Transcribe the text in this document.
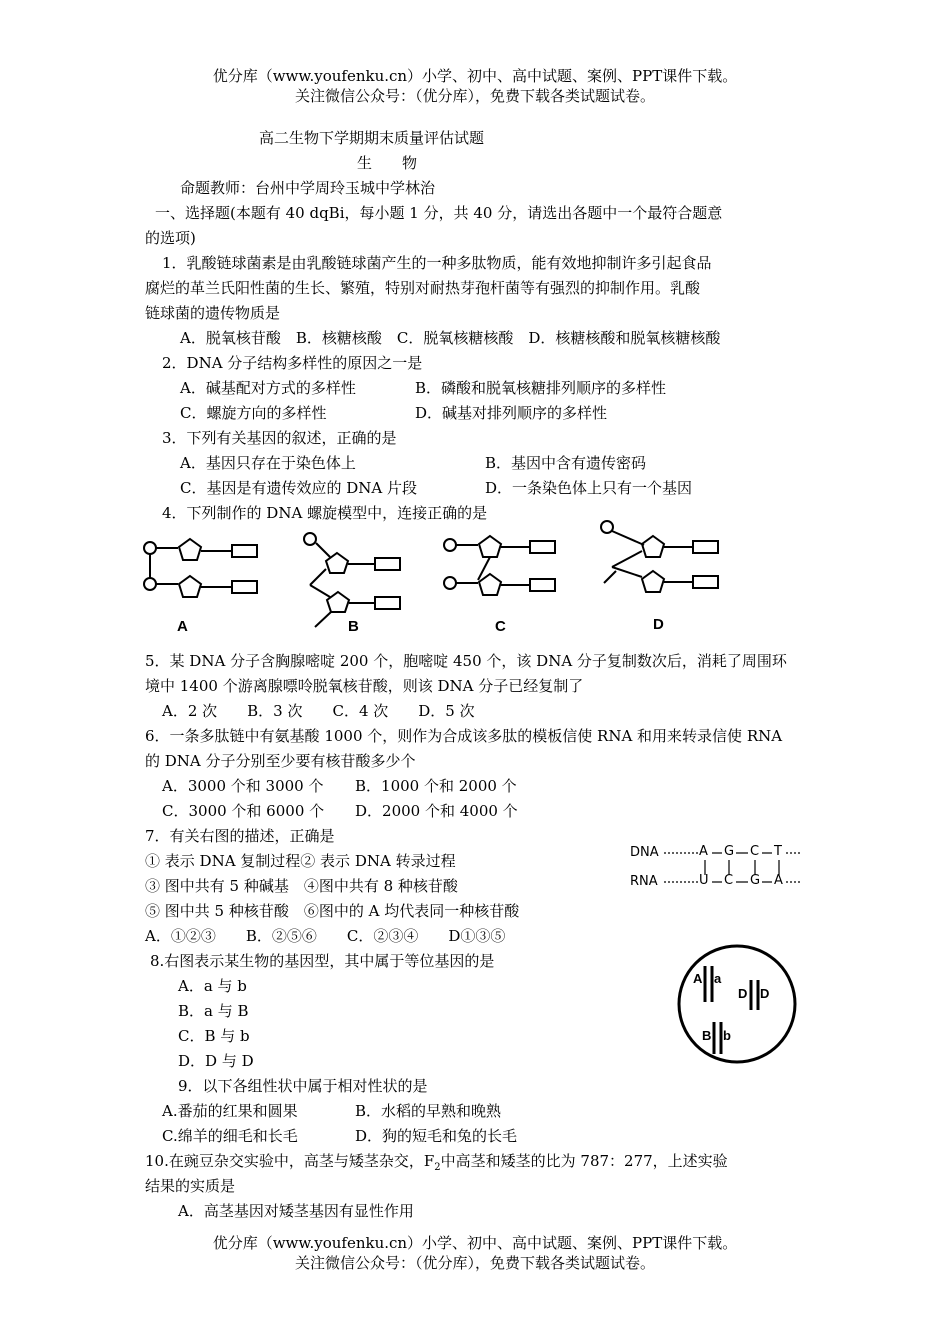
优分库（www.youfenku.cn）小学、初中、高中试题、案例、PPT课件下载。
关注微信公众号：（优分库），免费下载各类试题试卷。
高二生物下学期期末质量评估试题
生　　物
命题教师：台州中学周玲玉城中学林治
一、选择题(本题有 40 dqBi，每小题 1 分，共 40 分，请选出各题中一个最符合题意
的选项)
1．乳酸链球菌素是由乳酸链球菌产生的一种多肽物质，能有效地抑制许多引起食品
腐烂的革兰氏阳性菌的生长、繁殖，特别对耐热芽孢杆菌等有强烈的抑制作用。乳酸
链球菌的遗传物质是
A．脱氧核苷酸　B．核糖核酸　C．脱氧核糖核酸　D．核糖核酸和脱氧核糖核酸
2．DNA 分子结构多样性的原因之一是
A．碱基配对方式的多样性	B．磷酸和脱氧核糖排列顺序的多样性
C．螺旋方向的多样性	D．碱基对排列顺序的多样性
3．下列有关基因的叙述，正确的是
A．基因只存在于染色体上	B．基因中含有遗传密码
C．基因是有遗传效应的 DNA 片段	D．一条染色体上只有一个基因
4．下列制作的 DNA 螺旋模型中，连接正确的是
A	B	C	D
5．某 DNA 分子含胸腺嘧啶 200 个，胞嘧啶 450 个，该 DNA 分子复制数次后，消耗了周围环
境中 1400 个游离腺嘌呤脱氧核苷酸，则该 DNA 分子已经复制了
A．2 次　　B．3 次　　C．4 次　　D．5 次
6．一条多肽链中有氨基酸 1000 个，则作为合成该多肽的模板信使 RNA 和用来转录信使 RNA
的 DNA 分子分别至少要有核苷酸多少个
A．3000 个和 3000 个 B．1000 个和 2000 个
C．3000 个和 6000 个 D．2000 个和 4000 个
7．有关右图的描述，正确是
① 表示 DNA 复制过程② 表示 DNA 转录过程
③ 图中共有 5 种碱基　④图中共有 8 种核苷酸
⑤ 图中共 5 种核苷酸　⑥图中的 A 均代表同一种核苷酸
A．①②③　　B．②⑤⑥　　C．②③④　　D①③⑤
DNA
RNA
A G C T
U C G A
8.右图表示某生物的基因型，其中属于等位基因的是
A．a 与 b
B．a 与 B
C．B 与 b
D．D 与 D
A a
D D
B b
9．以下各组性状中属于相对性状的是
A.番茄的红果和圆果	B．水稻的早熟和晚熟
C.绵羊的细毛和长毛	D．狗的短毛和兔的长毛
10.在豌豆杂交实验中，高茎与矮茎杂交，$F_2$中高茎和矮茎的比为 787：277，上述实验
结果的实质是
A．高茎基因对矮茎基因有显性作用
优分库（www.youfenku.cn）小学、初中、高中试题、案例、PPT课件下载。
关注微信公众号：（优分库），免费下载各类试题试卷。
